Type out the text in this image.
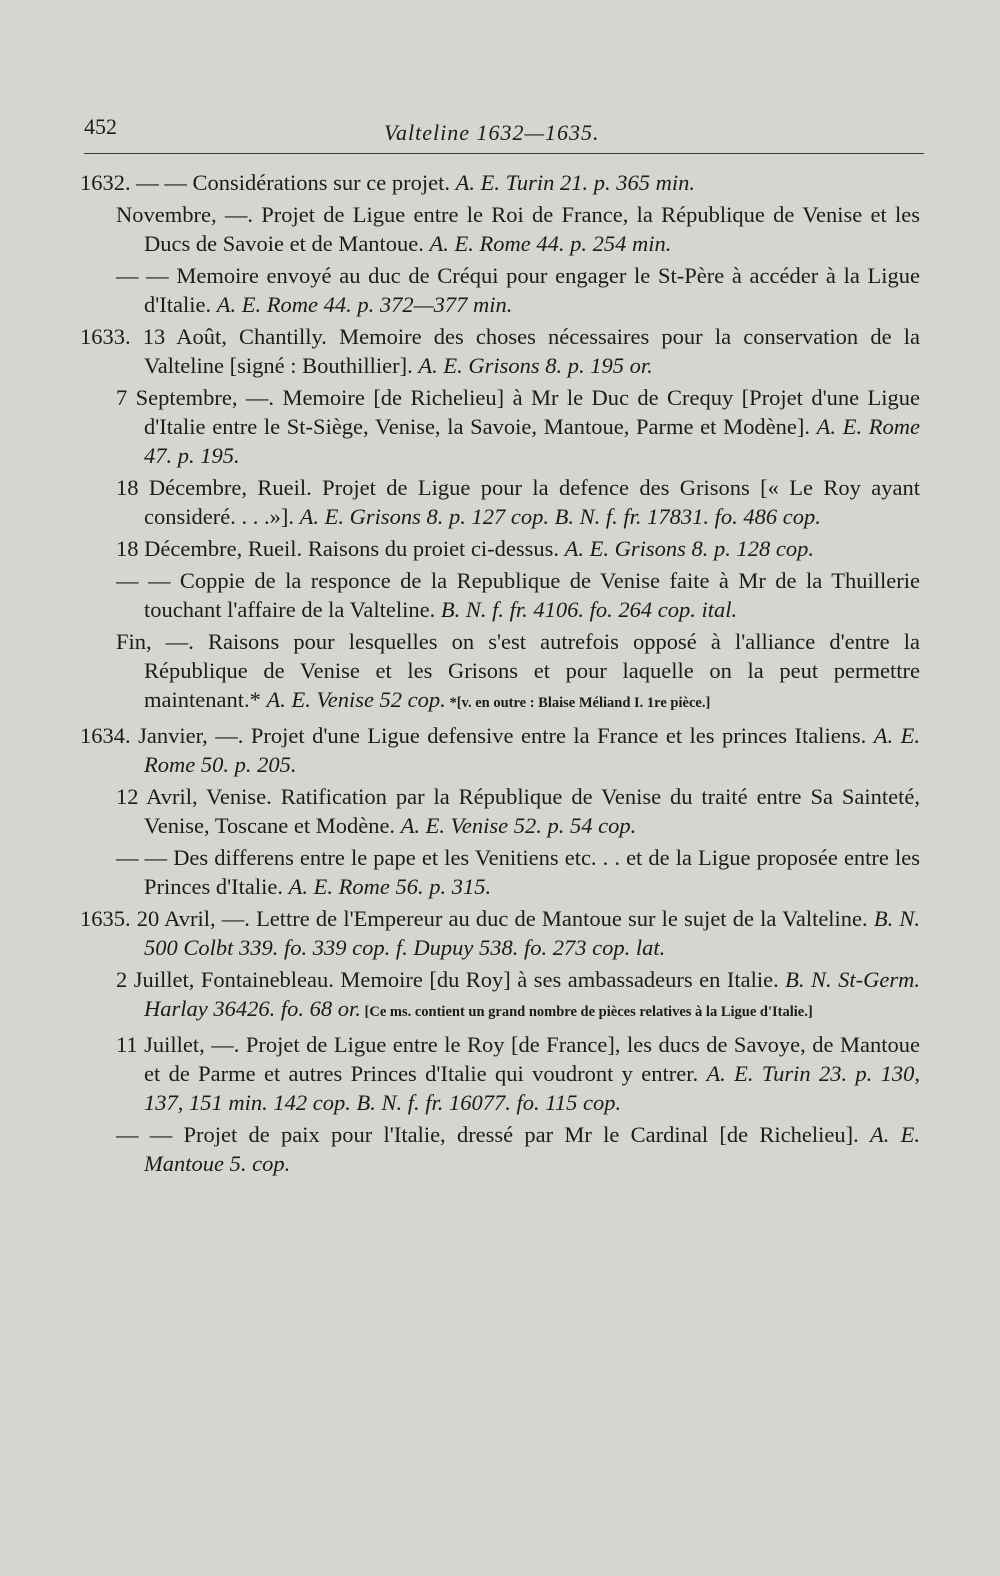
452	Valteline 1632—1635.

1632. — — Considérations sur ce projet. A. E. Turin 21. p. 365 min.

Novembre, —. Projet de Ligue entre le Roi de France, la République de Venise et les Ducs de Savoie et de Mantoue. A. E. Rome 44. p. 254 min.

— — Memoire envoyé au duc de Créqui pour engager le St-Père à accéder à la Ligue d'Italie. A. E. Rome 44. p. 372—377 min.

1633. 13 Août, Chantilly. Memoire des choses nécessaires pour la conservation de la Valteline [signé : Bouthillier]. A. E. Grisons 8. p. 195 or.

7 Septembre, —. Memoire [de Richelieu] à Mr le Duc de Crequy [Projet d'une Ligue d'Italie entre le St-Siège, Venise, la Savoie, Mantoue, Parme et Modène]. A. E. Rome 47. p. 195.

18 Décembre, Rueil. Projet de Ligue pour la defence des Grisons [« Le Roy ayant consideré. . . .»]. A. E. Grisons 8. p. 127 cop. B. N. f. fr. 17831. fo. 486 cop.

18 Décembre, Rueil. Raisons du proiet ci-dessus. A. E. Grisons 8. p. 128 cop.

— — Coppie de la responce de la Republique de Venise faite à Mr de la Thuillerie touchant l'affaire de la Valteline. B. N. f. fr. 4106. fo. 264 cop. ital.

Fin, —. Raisons pour lesquelles on s'est autrefois opposé à l'alliance d'entre la République de Venise et les Grisons et pour laquelle on la peut permettre maintenant.* A. E. Venise 52 cop. *[v. en outre : Blaise Méliand I. 1re pièce.]

1634. Janvier, —. Projet d'une Ligue defensive entre la France et les princes Italiens. A. E. Rome 50. p. 205.

12 Avril, Venise. Ratification par la République de Venise du traité entre Sa Sainteté, Venise, Toscane et Modène. A. E. Venise 52. p. 54 cop.

— — Des differens entre le pape et les Venitiens etc. . . et de la Ligue proposée entre les Princes d'Italie. A. E. Rome 56. p. 315.

1635. 20 Avril, —. Lettre de l'Empereur au duc de Mantoue sur le sujet de la Valteline. B. N. 500 Colbt 339. fo. 339 cop. f. Dupuy 538. fo. 273 cop. lat.

2 Juillet, Fontainebleau. Memoire [du Roy] à ses ambassadeurs en Italie. B. N. St-Germ. Harlay 36426. fo. 68 or. [Ce ms. contient un grand nombre de pièces relatives à la Ligue d'Italie.]

11 Juillet, —. Projet de Ligue entre le Roy [de France], les ducs de Savoye, de Mantoue et de Parme et autres Princes d'Italie qui voudront y entrer. A. E. Turin 23. p. 130, 137, 151 min. 142 cop. B. N. f. fr. 16077. fo. 115 cop.

— — Projet de paix pour l'Italie, dressé par Mr le Cardinal [de Richelieu]. A. E. Mantoue 5. cop.
